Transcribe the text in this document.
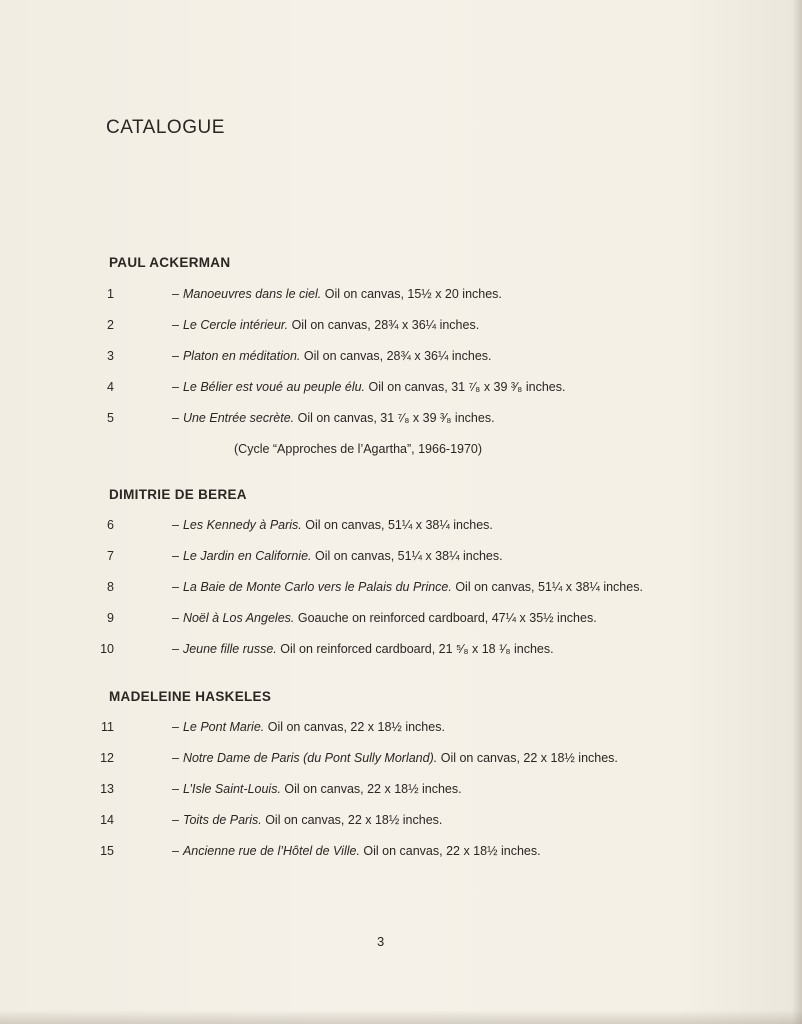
CATALOGUE
PAUL ACKERMAN
1	– Manoeuvres dans le ciel. Oil on canvas, 15½ x 20 inches.
2	– Le Cercle intérieur. Oil on canvas, 28¾ x 36¼ inches.
3	– Platon en méditation. Oil on canvas, 28¾ x 36¼ inches.
4	– Le Bélier est voué au peuple élu. Oil on canvas, 31 ⁷⁄₈ x 39 ³⁄₈ inches.
5	– Une Entrée secrète. Oil on canvas, 31 ⁷⁄₈ x 39 ³⁄₈ inches.
(Cycle “Approches de l’Agartha”, 1966-1970)
DIMITRIE DE BEREA
6	– Les Kennedy à Paris. Oil on canvas, 51¼ x 38¼ inches.
7	– Le Jardin en Californie. Oil on canvas, 51¼ x 38¼ inches.
8	– La Baie de Monte Carlo vers le Palais du Prince. Oil on canvas, 51¼ x 38¼ inches.
9	– Noël à Los Angeles. Goauche on reinforced cardboard, 47¼ x 35½ inches.
10	– Jeune fille russe. Oil on reinforced cardboard, 21 ⁵⁄₈ x 18 ¹⁄₈ inches.
MADELEINE HASKELES
11	– Le Pont Marie. Oil on canvas, 22 x 18½ inches.
12	– Notre Dame de Paris (du Pont Sully Morland). Oil on canvas, 22 x 18½ inches.
13	– L’Isle Saint-Louis. Oil on canvas, 22 x 18½ inches.
14	– Toits de Paris. Oil on canvas, 22 x 18½ inches.
15	– Ancienne rue de l’Hôtel de Ville. Oil on canvas, 22 x 18½ inches.
3
